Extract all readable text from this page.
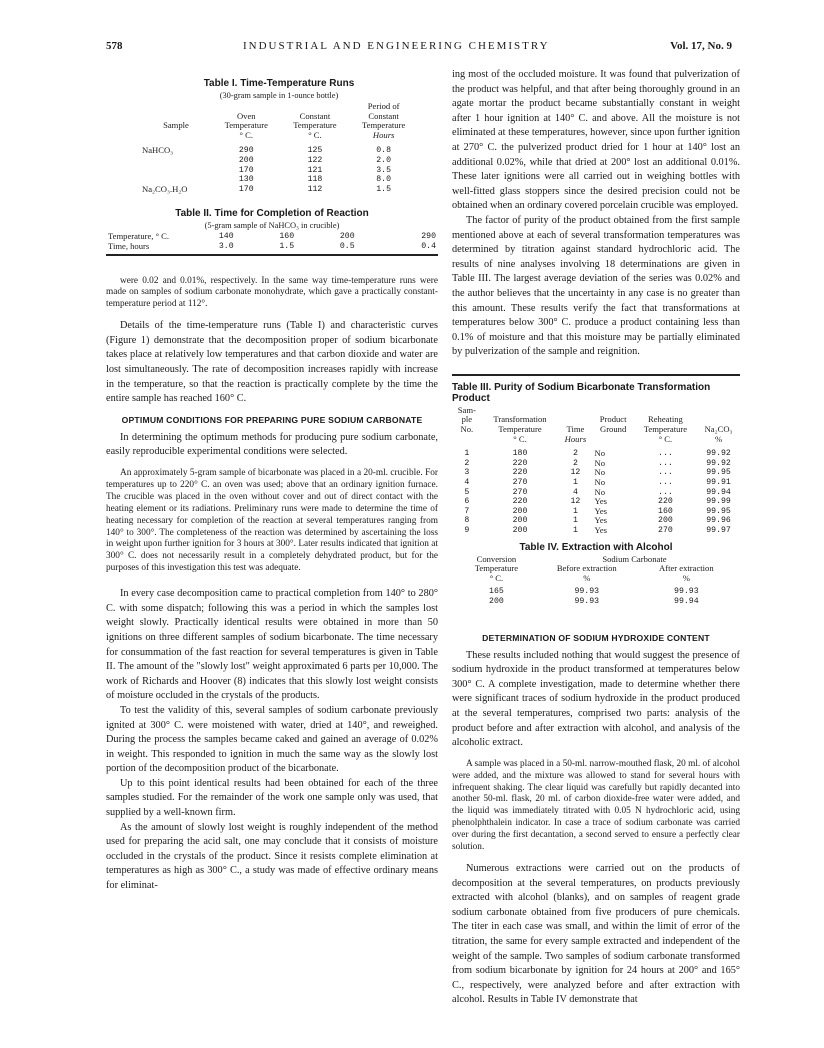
578	INDUSTRIAL AND ENGINEERING CHEMISTRY	Vol. 17, No. 9
Table I. Time-Temperature Runs
(30-gram sample in 1-ounce bottle)
			Period of
	Oven	Constant	Constant
Sample	Temperature	Temperature	Temperature
	° C.	° C.	Hours

NaHCO₃	290	125	0.8
	200	122	2.0
	170	121	3.5
	130	118	8.0
Na₂CO₃.H₂O	170	112	1.5
Table II. Time for Completion of Reaction
(5-gram sample of NaHCO₃ in crucible)
Temperature, ° C.	140	160	200	290
Time, hours	3.0	1.5	0.5	0.4

were 0.02 and 0.01%, respectively. In the same way time-temperature runs were made on samples of sodium carbonate monohydrate, which gave a practically constant-temperature period at 112°.

Details of the time-temperature runs (Table I) and characteristic curves (Figure 1) demonstrate that the decomposition proper of sodium bicarbonate takes place at relatively low temperatures and that carbon dioxide and water are lost simultaneously. The rate of decomposition increases rapidly with increase in the temperature, so that the reaction is practically complete by the time the entire sample has reached 160° C.

OPTIMUM CONDITIONS FOR PREPARING PURE SODIUM CARBONATE

In determining the optimum methods for producing pure sodium carbonate, easily reproducible experimental conditions were selected.

An approximately 5-gram sample of bicarbonate was placed in a 20-ml. crucible. For temperatures up to 220° C. an oven was used; above that an ordinary ignition furnace. The crucible was placed in the oven without cover and out of direct contact with the heating element or its radiations. Preliminary runs were made to determine the time of heating necessary for completion of the reaction at several temperatures ranging from 140° to 300°. The completeness of the reaction was determined by ascertaining the loss in weight upon further ignition for 3 hours at 300°. Later results indicated that ignition at 300° C. does not necessarily result in a completely dehydrated product, but for the purposes of this investigation this test was adequate.

In every case decomposition came to practical completion from 140° to 280° C. with some dispatch; following this was a period in which the samples lost weight slowly. Practically identical results were obtained in more than 50 ignitions on three different samples of sodium bicarbonate. The time necessary for consummation of the fast reaction for several temperatures is given in Table II. The amount of the "slowly lost" weight approximated 6 parts per 10,000. The work of Richards and Hoover (8) indicates that this slowly lost weight consists of moisture occluded in the crystals of the products.

To test the validity of this, several samples of sodium carbonate previously ignited at 300° C. were moistened with water, dried at 140°, and reweighed. During the process the samples became caked and gained an average of 0.02% in weight. This responded to ignition in much the same way as the slowly lost portion of the decomposition product of the bicarbonate.

Up to this point identical results had been obtained for each of the three samples studied. For the remainder of the work one sample only was used, that supplied by a well-known firm.

As the amount of slowly lost weight is roughly independent of the method used for preparing the acid salt, one may conclude that it consists of moisture occluded in the crystals of the product. Since it resists complete elimination at temperatures as high as 300° C., a study was made of effective ordinary means for eliminat-

ing most of the occluded moisture. It was found that pulverization of the product was helpful, and that after being thoroughly ground in an agate mortar the product became substantially constant in weight after 1 hour ignition at 140° C. and above. All the moisture is not eliminated at these temperatures, however, since upon further ignition at 270° C. the pulverized product dried for 1 hour at 140° lost an additional 0.02%, while that dried at 200° lost an additional 0.01%. These later ignitions were all carried out in weighing bottles with well-fitted glass stoppers since the desired precision could not be obtained when an ordinary covered porcelain crucible was employed.

The factor of purity of the product obtained from the first sample mentioned above at each of several transformation temperatures was determined by titration against standard hydrochloric acid. The results of nine analyses involving 18 determinations are given in Table III. The largest average deviation of the series was 0.02% and the author believes that the uncertainty in any case is no greater than this amount. These results verify the fact that transformations at temperatures below 300° C. produce a product containing less than 0.1% of moisture and that this moisture may be partially eliminated by pulverization of the sample and reignition.

Table III. Purity of Sodium Bicarbonate Transformation Product
Sam-					
ple	Transformation		Product	Reheating	
No.	Temperature	Time	Ground	Temperature	Na₂CO₃
	° C.	Hours		° C.	%

1	180	2	No	...	99.92
2	220	2	No	...	99.92
3	220	12	No	...	99.95
4	270	1	No	...	99.91
5	270	4	No	...	99.94
6	220	12	Yes	220	99.99
7	200	1	Yes	160	99.95
8	200	1	Yes	200	99.96
9	200	1	Yes	270	99.97
Table IV. Extraction with Alcohol
Conversion	Sodium Carbonate	
Temperature	Before extraction	After extraction
° C.	%	%

165	99.93	99.93
200	99.93	99.94
DETERMINATION OF SODIUM HYDROXIDE CONTENT

These results included nothing that would suggest the presence of sodium hydroxide in the product transformed at temperatures below 300° C. A complete investigation, made to determine whether there were significant traces of sodium hydroxide in the product produced at the several temperatures, comprised two parts: analysis of the product before and after extraction with alcohol, and analysis of the alcoholic extract.

A sample was placed in a 50-ml. narrow-mouthed flask, 20 ml. of alcohol were added, and the mixture was allowed to stand for several hours with infrequent shaking. The clear liquid was carefully but rapidly decanted into another 50-ml. flask, 20 ml. of carbon dioxide-free water were added, and the liquid was immediately titrated with 0.05 N hydrochloric acid, using phenolphthalein indicator. In case a trace of sodium carbonate was carried over during the first decantation, a second served to ensure a perfectly clear solution.

Numerous extractions were carried out on the products of decomposition at the several temperatures, on products previously extracted with alcohol (blanks), and on samples of reagent grade sodium carbonate obtained from five producers of pure chemicals. The titer in each case was small, and within the limit of error of the titration, the same for every sample extracted and independent of the weight of the sample. Two samples of sodium carbonate transformed from sodium bicarbonate by ignition for 24 hours at 200° and 165° C., respectively, were analyzed before and after extraction with alcohol. Results in Table IV demonstrate that
